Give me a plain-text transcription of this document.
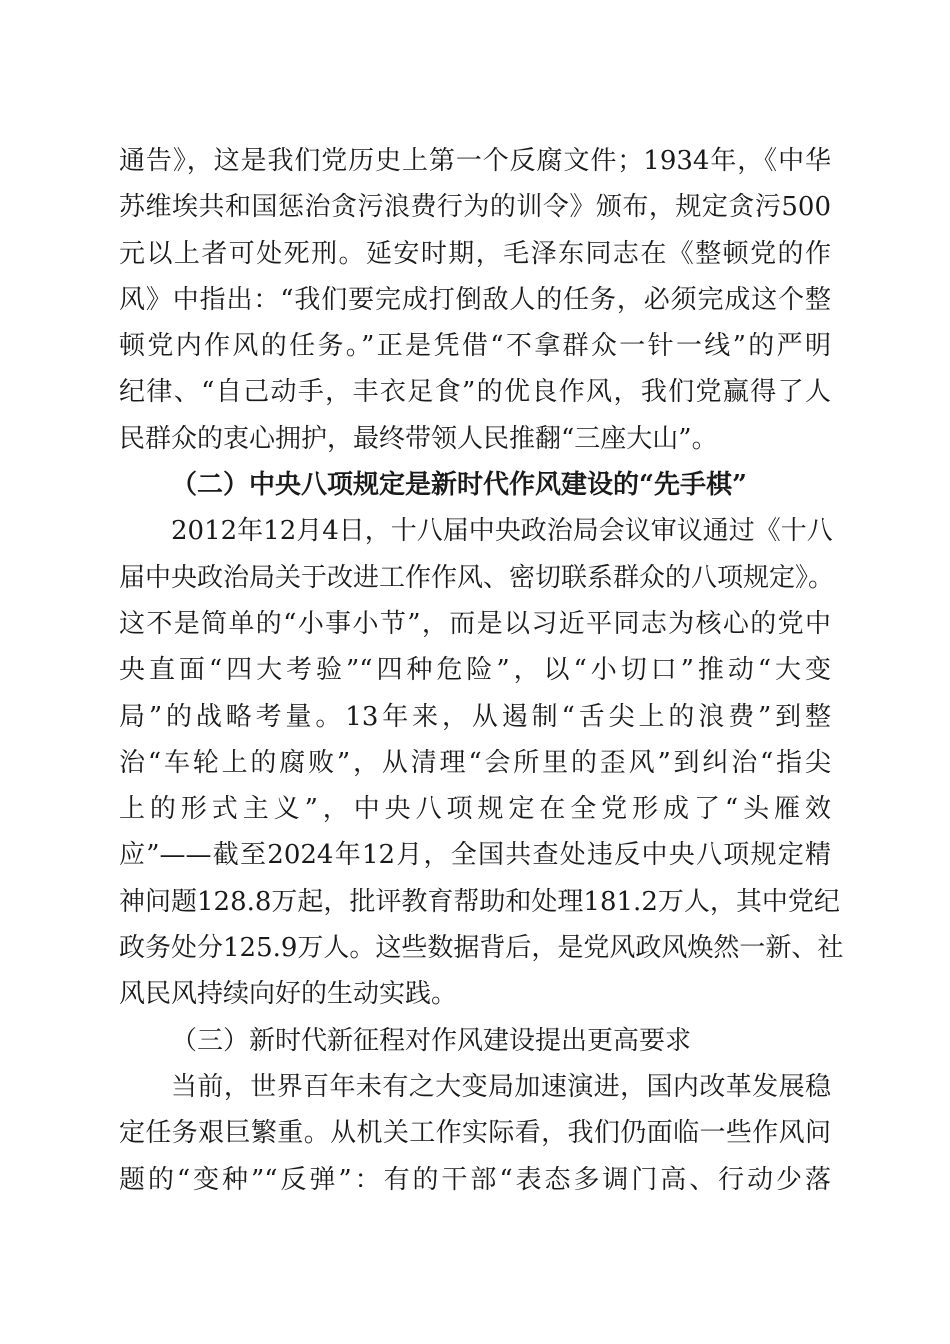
通告》，这是我们党历史上第一个反腐文件；1934年，《中华
苏维埃共和国惩治贪污浪费行为的训令》颁布，规定贪污500
元以上者可处死刑。延安时期，毛泽东同志在《整顿党的作
风》中指出：“我们要完成打倒敌人的任务，必须完成这个整
顿党内作风的任务。”正是凭借“不拿群众一针一线”的严明
纪律、“自己动手，丰衣足食”的优良作风，我们党赢得了人
民群众的衷心拥护，最终带领人民推翻“三座大山”。
（二）中央八项规定是新时代作风建设的“先手棋”
2012年12月4日，十八届中央政治局会议审议通过《十八
届中央政治局关于改进工作作风、密切联系群众的八项规定》。
这不是简单的“小事小节”，而是以习近平同志为核心的党中
央直面“四大考验”“四种危险”，以“小切口”推动“大变
局”的战略考量。13年来，从遏制“舌尖上的浪费”到整
治“车轮上的腐败”，从清理“会所里的歪风”到纠治“指尖
上的形式主义”，中央八项规定在全党形成了“头雁效
应”——截至2024年12月，全国共查处违反中央八项规定精
神问题128.8万起，批评教育帮助和处理181.2万人，其中党纪
政务处分125.9万人。这些数据背后，是党风政风焕然一新、社
风民风持续向好的生动实践。
（三）新时代新征程对作风建设提出更高要求
当前，世界百年未有之大变局加速演进，国内改革发展稳
定任务艰巨繁重。从机关工作实际看，我们仍面临一些作风问
题的“变种”“反弹”：有的干部“表态多调门高、行动少落
